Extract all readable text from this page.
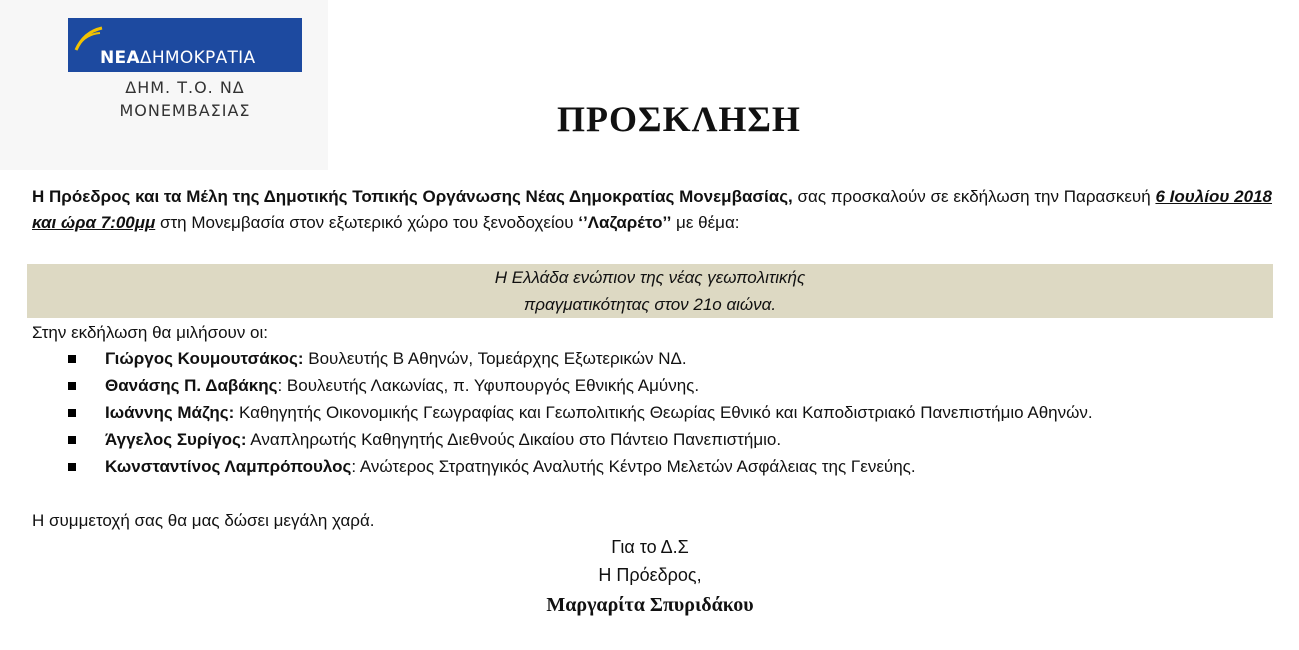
ΝΕΑΔΗΜΟΚΡΑΤΙΑ
ΔΗΜ. Τ.Ο. ΝΔ
ΜΟΝΕΜΒΑΣΙΑΣ	ΠΡΟΣΚΛΗΣΗ
Η Πρόεδρος και τα Μέλη της Δημοτικής Τοπικής Οργάνωσης Νέας Δημοκρατίας Μονεμβασίας, σας προσκαλούν σε εκδήλωση την Παρασκευή 6 Ιουλίου 2018 και ώρα 7:00μμ στη Μονεμβασία στον εξωτερικό χώρο του ξενοδοχείου ‘’Λαζαρέτο’’ με θέμα:
Η Ελλάδα ενώπιον της νέας γεωπολιτικής
πραγματικότητας στον 21ο αιώνα.
Στην εκδήλωση θα μιλήσουν οι:
Γιώργος Κουμουτσάκος: Βουλευτής Β Αθηνών, Τομεάρχης Εξωτερικών ΝΔ.
Θανάσης Π. Δαβάκης: Βουλευτής Λακωνίας, π. Υφυπουργός Εθνικής Αμύνης.
Ιωάννης Μάζης: Καθηγητής Οικονομικής Γεωγραφίας και Γεωπολιτικής Θεωρίας Εθνικό και Καποδιστριακό Πανεπιστήμιο Αθηνών.
Άγγελος Συρίγος: Αναπληρωτής Καθηγητής Διεθνούς Δικαίου στο Πάντειο Πανεπιστήμιο.
Κωνσταντίνος Λαμπρόπουλος: Ανώτερος Στρατηγικός Αναλυτής Κέντρο Μελετών Ασφάλειας της Γενεύης.
Η συμμετοχή σας θα μας δώσει μεγάλη χαρά.
Για το Δ.Σ
Η Πρόεδρος,
Μαργαρίτα Σπυριδάκου
